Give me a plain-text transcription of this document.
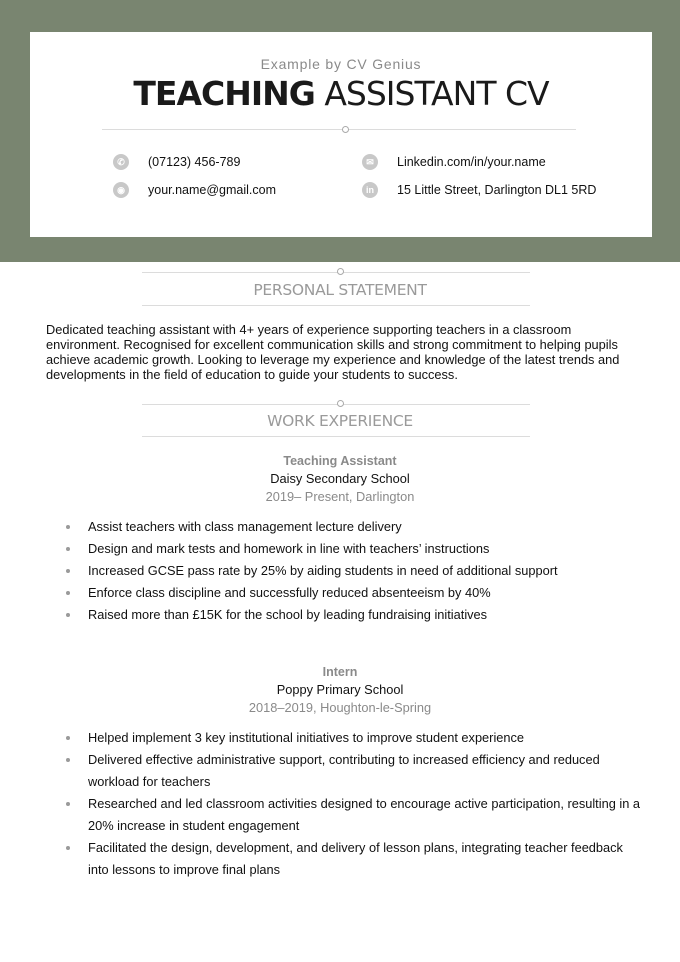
Example by CV Genius
TEACHING ASSISTANT CV
✆	(07123) 456-789	✉	Linkedin.com/in/your.name
◉	your.name@gmail.com	in	15 Little Street, Darlington DL1 5RD
PERSONAL STATEMENT
Dedicated teaching assistant with 4+ years of experience supporting teachers in a classroom environment. Recognised for excellent communication skills and strong commitment to helping pupils achieve academic growth. Looking to leverage my experience and knowledge of the latest trends and developments in the field of education to guide your students to success.
WORK EXPERIENCE
Teaching Assistant
Daisy Secondary School
2019– Present, Darlington
Assist teachers with class management lecture delivery
Design and mark tests and homework in line with teachers’ instructions
Increased GCSE pass rate by 25% by aiding students in need of additional support
Enforce class discipline and successfully reduced absenteeism by 40%
Raised more than £15K for the school by leading fundraising initiatives
Intern
Poppy Primary School
2018–2019, Houghton-le-Spring
Helped implement 3 key institutional initiatives to improve student experience
Delivered effective administrative support, contributing to increased efficiency and reduced workload for teachers
Researched and led classroom activities designed to encourage active participation, resulting in a 20% increase in student engagement
Facilitated the design, development, and delivery of lesson plans, integrating teacher feedback into lessons to improve final plans
